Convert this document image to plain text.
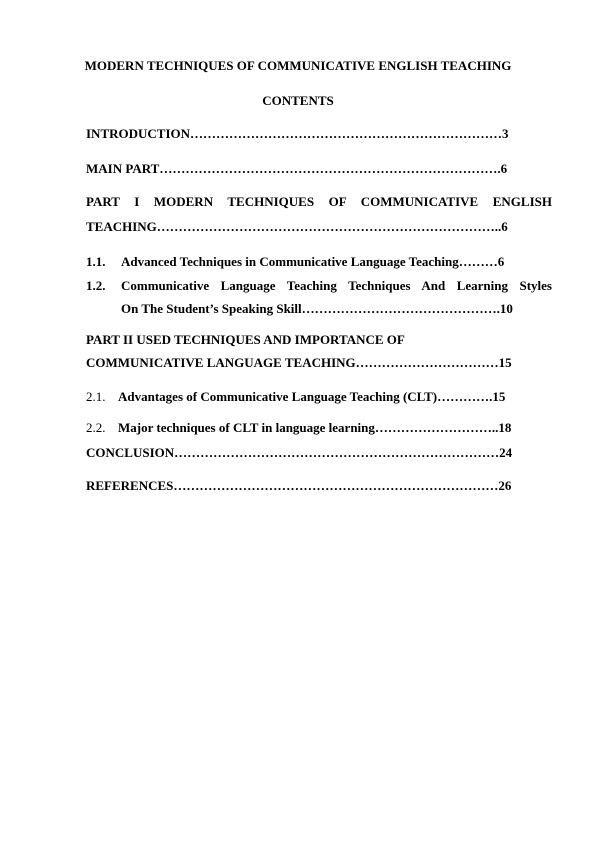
MODERN TECHNIQUES OF COMMUNICATIVE ENGLISH TEACHING
CONTENTS
INTRODUCTION………………………………………………………………3
MAIN PART…………………………………………………………………….6
PART I MODERN TECHNIQUES OF COMMUNICATIVE ENGLISH
TEACHING……………………………………………………………………..6
1.1. Advanced Techniques in Communicative Language Teaching………6
1.2. Communicative Language Teaching Techniques And Learning Styles
On The Student’s Speaking Skill……………………………………….10
PART II USED TECHNIQUES AND IMPORTANCE OF
COMMUNICATIVE LANGUAGE TEACHING……………………………15
2.1. Advantages of Communicative Language Teaching (CLT)………….15
2.2. Major techniques of CLT in language learning………………………..18
CONCLUSION…………………………………………………………………24
REFERENCES…………………………………………………………………26
